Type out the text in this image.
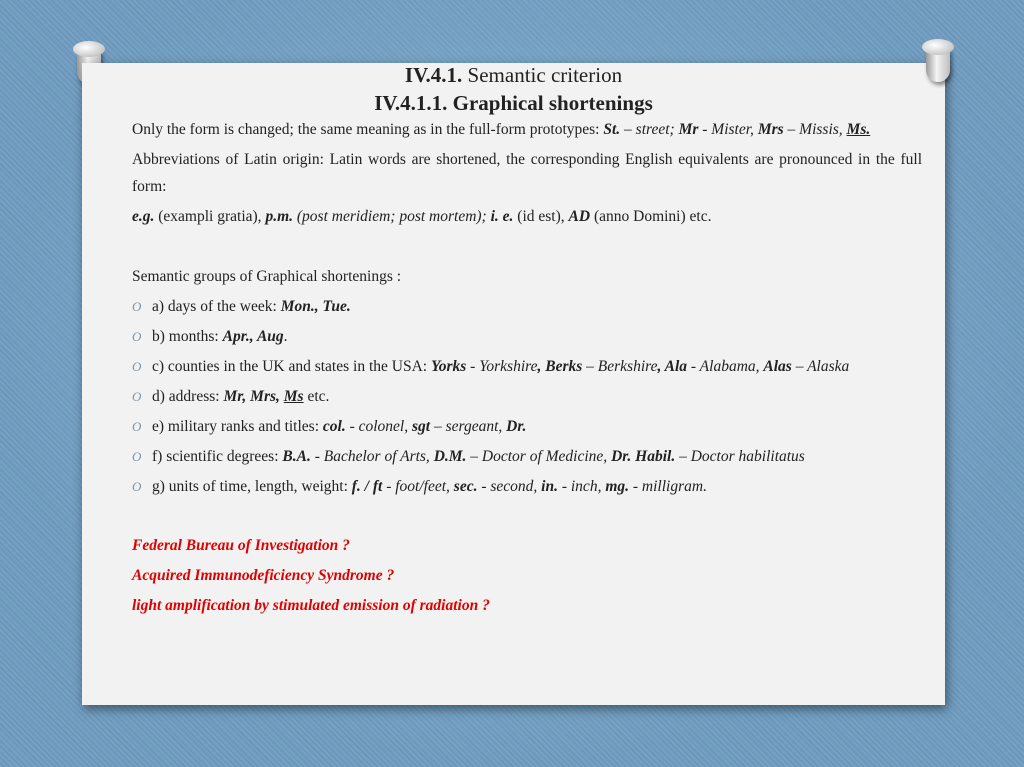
IV.4.1. Semantic criterion
IV.4.1.1. Graphical shortenings
Only the form is changed; the same meaning as in the full-form prototypes: St. – street; Mr - Mister, Mrs – Missis, Ms.
Abbreviations of Latin origin: Latin words are shortened, the corresponding English equivalents are pronounced in the full form:
e.g. (exampli gratia), p.m. (post meridiem; post mortem); i. e. (id est), AD (anno Domini) etc.
Semantic groups of Graphical shortenings :
O a) days of the week: Mon., Tue.
O b) months: Apr., Aug.
O c) counties in the UK and states in the USA: Yorks - Yorkshire, Berks – Berkshire, Ala - Alabama, Alas – Alaska
O d) address: Mr, Mrs, Ms etc.
O e) military ranks and titles: col. - colonel, sgt – sergeant, Dr.
O f) scientific degrees: B.A. - Bachelor of Arts, D.M. – Doctor of Medicine, Dr. Habil. – Doctor habilitatus
O g) units of time, length, weight: f. / ft - foot/feet, sec. - second, in. - inch, mg. - milligram.
Federal Bureau of Investigation ?
Acquired Immunodeficiency Syndrome ?
light amplification by stimulated emission of radiation ?
